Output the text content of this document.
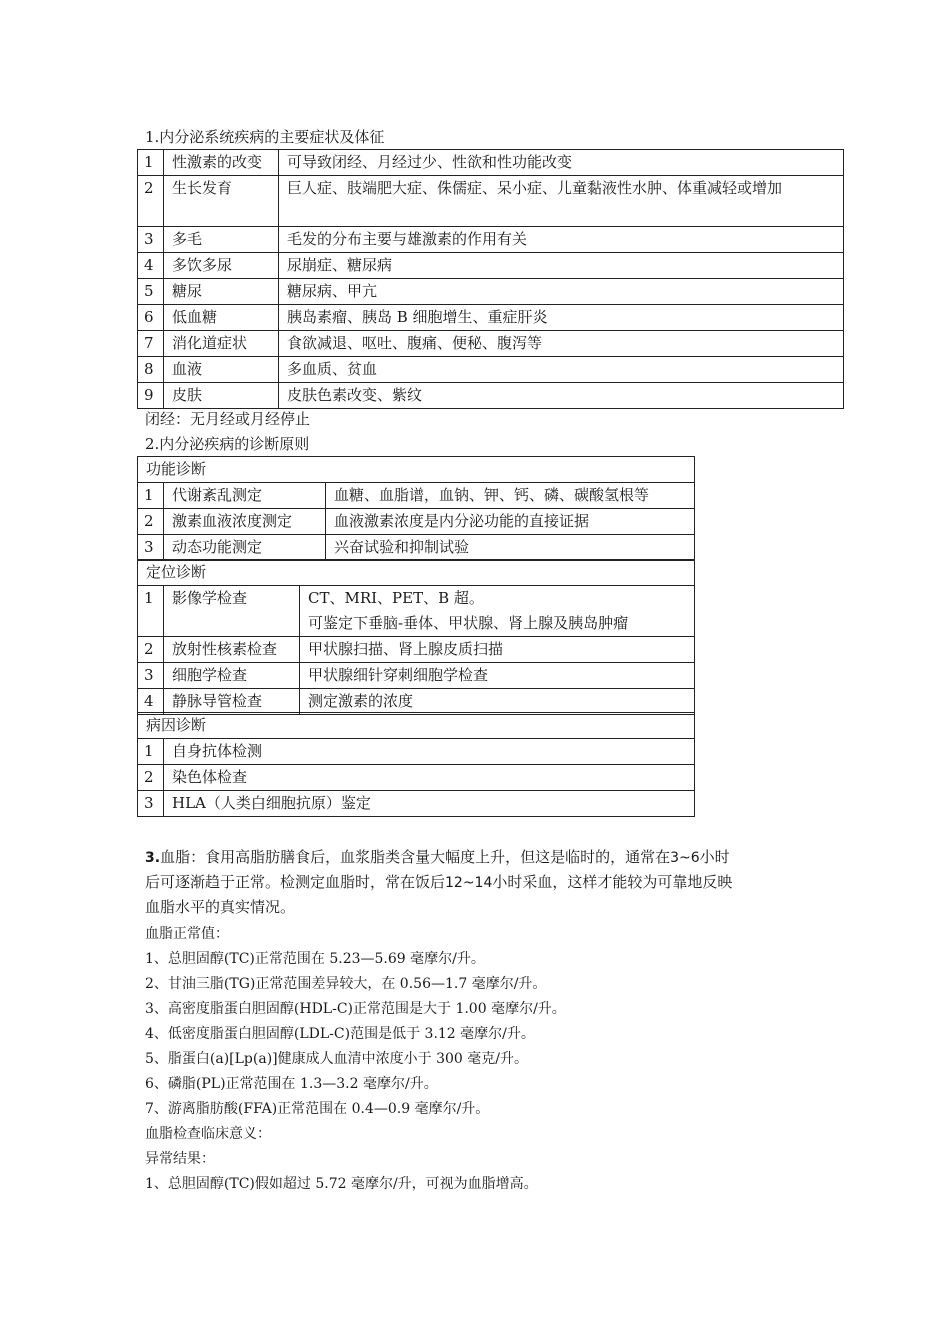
1.内分泌系统疾病的主要症状及体征
1	性激素的改变	可导致闭经、月经过少、性欲和性功能改变
2	生长发育	巨人症、肢端肥大症、侏儒症、呆小症、儿童黏液性水肿、体重减轻或增加
3	多毛	毛发的分布主要与雄激素的作用有关
4	多饮多尿	尿崩症、糖尿病
5	糖尿	糖尿病、甲亢
6	低血糖	胰岛素瘤、胰岛 B 细胞增生、重症肝炎
7	消化道症状	食欲减退、呕吐、腹痛、便秘、腹泻等
8	血液	多血质、贫血
9	皮肤	皮肤色素改变、紫纹
闭经：无月经或月经停止
2.内分泌疾病的诊断原则
功能诊断		
1	代谢紊乱测定	血糖、血脂谱，血钠、钾、钙、磷、碳酸氢根等
2	激素血液浓度测定	血液激素浓度是内分泌功能的直接证据
3	动态功能测定	兴奋试验和抑制试验
定位诊断		
1	影像学检查	CT、MRI、PET、B 超。
可鉴定下垂脑-垂体、甲状腺、肾上腺及胰岛肿瘤

2	放射性核素检查	甲状腺扫描、肾上腺皮质扫描
3	细胞学检查	甲状腺细针穿刺细胞学检查
4	静脉导管检查	测定激素的浓度
病因诊断	
1	自身抗体检测
2	染色体检查
3	HLA（人类白细胞抗原）鉴定
3.血脂：食用高脂肪膳食后，血浆脂类含量大幅度上升，但这是临时的，通常在3~6小时
后可逐渐趋于正常。检测定血脂时，常在饭后12~14小时采血，这样才能较为可靠地反映
血脂水平的真实情况。
血脂正常值：
1、总胆固醇(TC)正常范围在 5.23—5.69 毫摩尔/升。
2、甘油三脂(TG)正常范围差异较大，在 0.56—1.7 毫摩尔/升。
3、高密度脂蛋白胆固醇(HDL-C)正常范围是大于 1.00 毫摩尔/升。
4、低密度脂蛋白胆固醇(LDL-C)范围是低于 3.12 毫摩尔/升。
5、脂蛋白(a)[Lp(a)]健康成人血清中浓度小于 300 毫克/升。
6、磷脂(PL)正常范围在 1.3—3.2 毫摩尔/升。
7、游离脂肪酸(FFA)正常范围在 0.4—0.9 毫摩尔/升。
血脂检查临床意义：
异常结果：
1、总胆固醇(TC)假如超过 5.72 毫摩尔/升，可视为血脂增高。
